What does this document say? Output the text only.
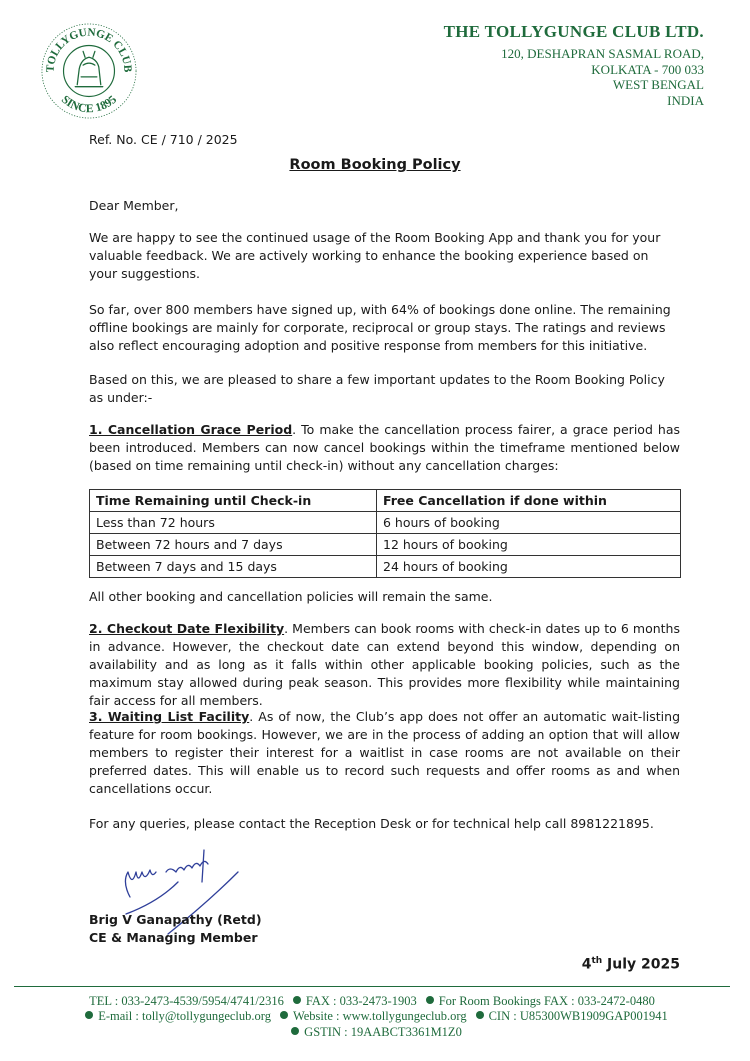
TOLLYGUNGE CLUB
SINCE 1895
THE TOLLYGUNGE CLUB LTD.
120, DESHAPRAN SASMAL ROAD,
KOLKATA - 700 033
WEST BENGAL
INDIA
Ref. No. CE / 710 / 2025
Room Booking Policy
Dear Member,
We are happy to see the continued usage of the Room Booking App and thank you for your valuable feedback. We are actively working to enhance the booking experience based on your suggestions.
So far, over 800 members have signed up, with 64% of bookings done online. The remaining offline bookings are mainly for corporate, reciprocal or group stays. The ratings and reviews also reflect encouraging adoption and positive response from members for this initiative.
Based on this, we are pleased to share a few important updates to the Room Booking Policy as under:-
1. Cancellation Grace Period. To make the cancellation process fairer, a grace period has been introduced. Members can now cancel bookings within the timeframe mentioned below (based on time remaining until check-in) without any cancellation charges:
Time Remaining until Check-in	Free Cancellation if done within
Less than 72 hours	6 hours of booking
Between 72 hours and 7 days	12 hours of booking
Between 7 days and 15 days	24 hours of booking
All other booking and cancellation policies will remain the same.
2. Checkout Date Flexibility. Members can book rooms with check-in dates up to 6 months in advance. However, the checkout date can extend beyond this window, depending on availability and as long as it falls within other applicable booking policies, such as the maximum stay allowed during peak season. This provides more flexibility while maintaining fair access for all members.
3. Waiting List Facility. As of now, the Club’s app does not offer an automatic wait-listing feature for room bookings. However, we are in the process of adding an option that will allow members to register their interest for a waitlist in case rooms are not available on their preferred dates. This will enable us to record such requests and offer rooms as and when cancellations occur.
For any queries, please contact the Reception Desk or for technical help call 8981221895.
Brig V Ganapathy (Retd)
CE & Managing Member
4th July 2025
TEL : 033-2473-4539/5954/4741/2316 FAX : 033-2473-1903 For Room Bookings FAX : 033-2472-0480
E-mail : tolly@tollygungeclub.org Website : www.tollygungeclub.org CIN : U85300WB1909GAP001941
GSTIN : 19AABCT3361M1Z0
